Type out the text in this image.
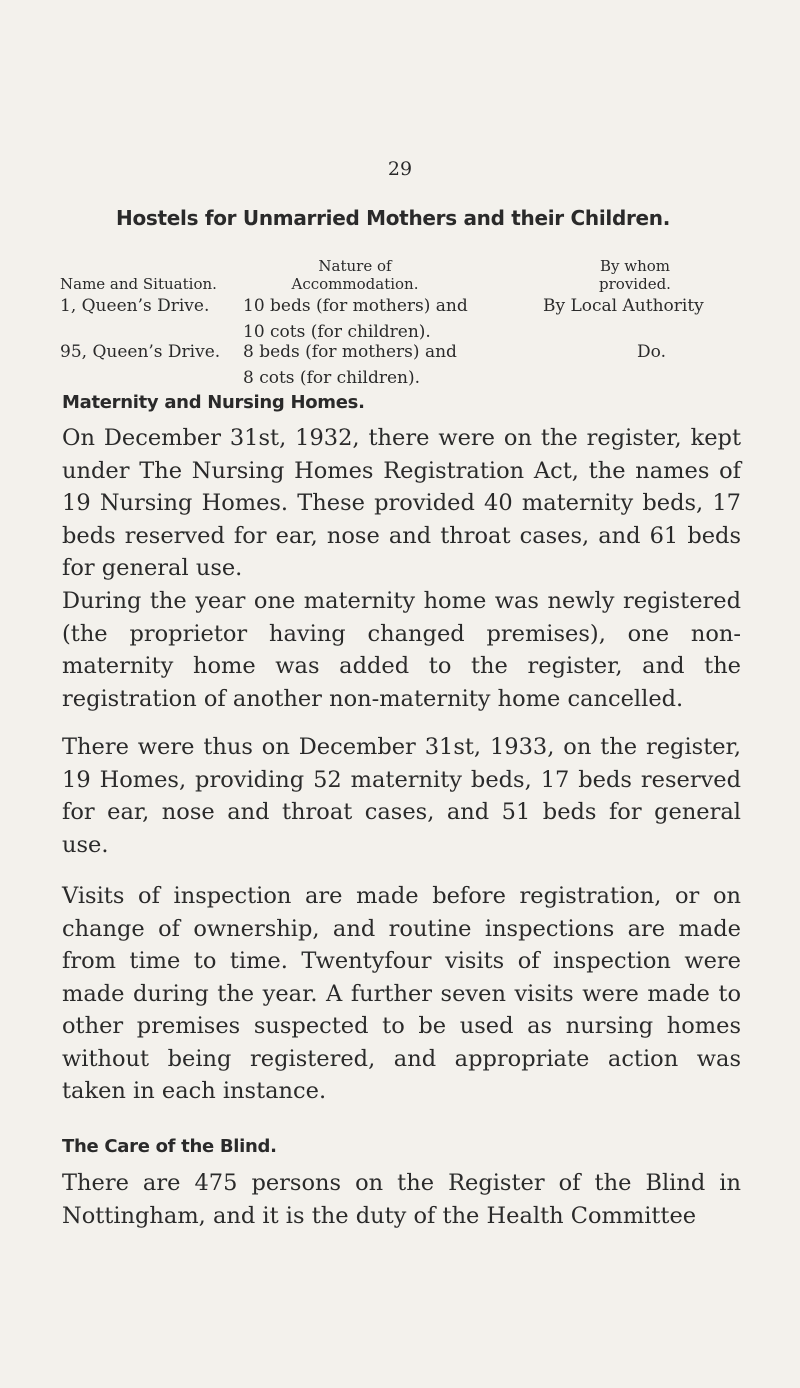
29
Hostels for Unmarried Mothers and their Children.

Name and Situation.
Nature of
Accommodation.
By whom
provided.
1, Queen’s Drive. 10 beds (for mothers) and
10 cots (for children).
By Local Authority
95, Queen’s Drive. 8 beds (for mothers) and
8 cots (for children).
Do.
Maternity and Nursing Homes.

On December 31st, 1932, there were on the register, kept under The Nursing Homes Registration Act, the names of 19 Nursing Homes. These provided 40 maternity beds, 17 beds reserved for ear, nose and throat cases, and 61 beds for general use.

During the year one maternity home was newly registered (the proprietor having changed premises), one non-maternity home was added to the register, and the registration of another non-maternity home cancelled.

There were thus on December 31st, 1933, on the register, 19 Homes, providing 52 maternity beds, 17 beds reserved for ear, nose and throat cases, and 51 beds for general use.

Visits of inspection are made before registration, or on change of ownership, and routine inspections are made from time to time. Twentyfour visits of inspection were made during the year. A further seven visits were made to other premises suspected to be used as nursing homes without being registered, and appropriate action was taken in each instance.

The Care of the Blind.

There are 475 persons on the Register of the Blind in Nottingham, and it is the duty of the Health Committee
